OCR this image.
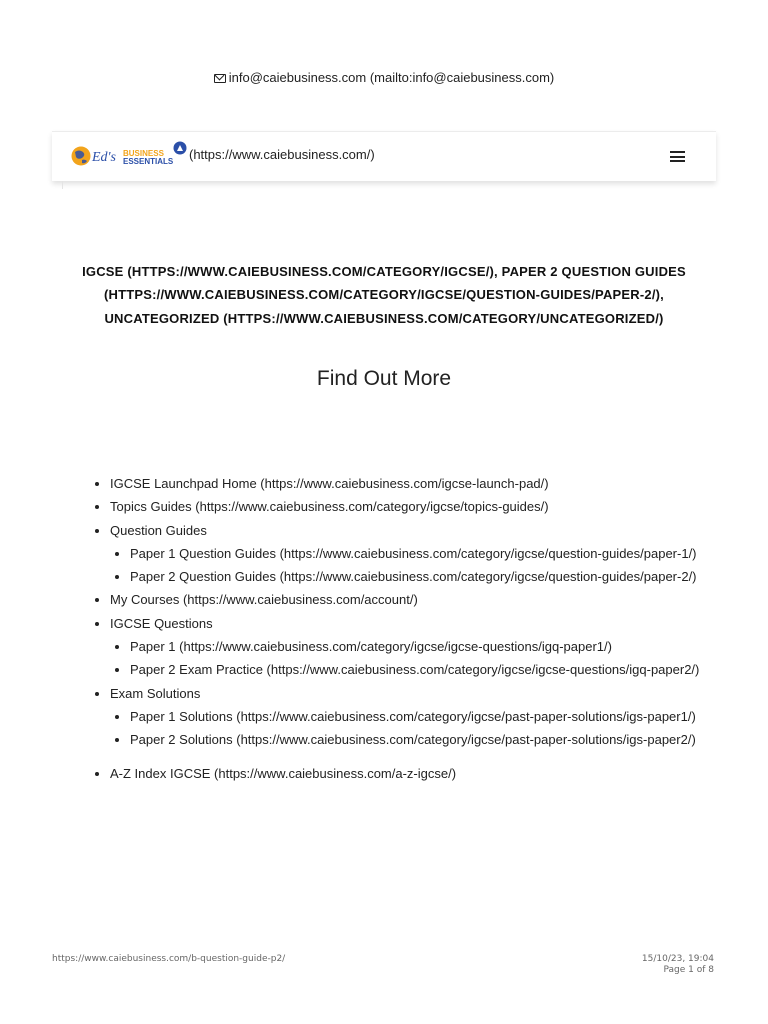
info@caiebusiness.com (mailto:info@caiebusiness.com)
Ed's BUSINESS
ESSENTIALS (https://www.caiebusiness.com/)
IGCSE (HTTPS://WWW.CAIEBUSINESS.COM/CATEGORY/IGCSE/), PAPER 2 QUESTION GUIDES (HTTPS://WWW.CAIEBUSINESS.COM/CATEGORY/IGCSE/QUESTION-GUIDES/PAPER-2/), UNCATEGORIZED (HTTPS://WWW.CAIEBUSINESS.COM/CATEGORY/UNCATEGORIZED/)
Find Out More
• IGCSE Launchpad Home (https://www.caiebusiness.com/igcse-launch-pad/)
• Topics Guides (https://www.caiebusiness.com/category/igcse/topics-guides/)
• Question Guides
• Paper 1 Question Guides (https://www.caiebusiness.com/category/igcse/question-guides/paper-1/)
• Paper 2 Question Guides (https://www.caiebusiness.com/category/igcse/question-guides/paper-2/)
• My Courses (https://www.caiebusiness.com/account/)
• IGCSE Questions
• Paper 1 (https://www.caiebusiness.com/category/igcse/igcse-questions/igq-paper1/)
• Paper 2 Exam Practice (https://www.caiebusiness.com/category/igcse/igcse-questions/igq-paper2/)
• Exam Solutions
• Paper 1 Solutions (https://www.caiebusiness.com/category/igcse/past-paper-solutions/igs-paper1/)
• Paper 2 Solutions (https://www.caiebusiness.com/category/igcse/past-paper-solutions/igs-paper2/)
• A-Z Index IGCSE (https://www.caiebusiness.com/a-z-igcse/)
https://www.caiebusiness.com/b-question-guide-p2/	15/10/23, 19:04
Page 1 of 8
